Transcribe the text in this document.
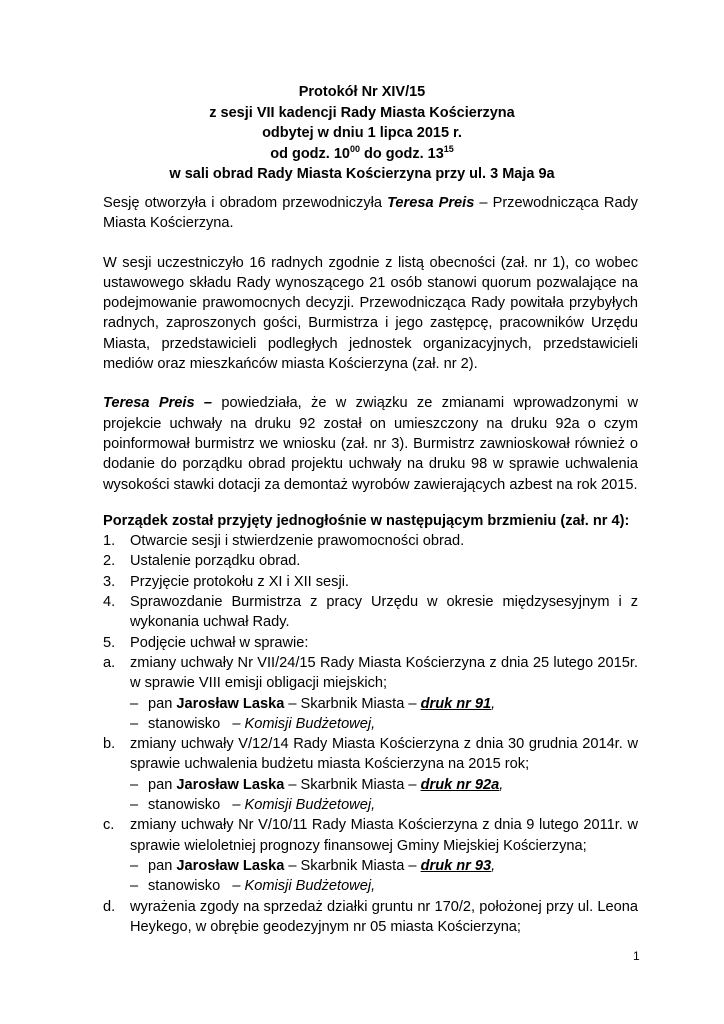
Protokół Nr XIV/15
z sesji VII kadencji Rady Miasta Kościerzyna
odbytej w dniu 1 lipca 2015 r.
od godz. $10^{00}$ do godz. $13^{15}$
w sali obrad Rady Miasta Kościerzyna przy ul. 3 Maja 9a

Sesję otworzyła i obradom przewodniczyła Teresa Preis – Przewodnicząca Rady Miasta Kościerzyna.

W sesji uczestniczyło 16 radnych zgodnie z listą obecności (zał. nr 1), co wobec ustawowego składu Rady wynoszącego 21 osób stanowi quorum pozwalające na podejmowanie prawomocnych decyzji. Przewodnicząca Rady powitała przybyłych radnych, zaproszonych gości, Burmistrza i jego zastępcę, pracowników Urzędu Miasta, przedstawicieli podległych jednostek organizacyjnych, przedstawicieli mediów oraz mieszkańców miasta Kościerzyna (zał. nr 2).

Teresa Preis – powiedziała, że w związku ze zmianami wprowadzonymi w projekcie uchwały na druku 92 został on umieszczony na druku 92a o czym poinformował burmistrz we wniosku (zał. nr 3). Burmistrz zawnioskował również o dodanie do porządku obrad projektu uchwały na druku 98 w sprawie uchwalenia wysokości stawki dotacji za demontaż wyrobów zawierających azbest na rok 2015.

Porządek został przyjęty jednogłośnie w następującym brzmieniu (zał. nr 4):
1.	Otwarcie sesji i stwierdzenie prawomocności obrad.
2.	Ustalenie porządku obrad.
3.	Przyjęcie protokołu z XI i XII sesji.
4.	Sprawozdanie Burmistrza z pracy Urzędu w okresie międzysesyjnym i z wykonania uchwał Rady.
5.	Podjęcie uchwał w sprawie:
a.	zmiany uchwały Nr VII/24/15 Rady Miasta Kościerzyna z dnia 25 lutego 2015r. w sprawie VIII emisji obligacji miejskich;
– pan Jarosław Laska – Skarbnik Miasta – druk nr 91,
– stanowisko – Komisji Budżetowej,
b.	zmiany uchwały V/12/14 Rady Miasta Kościerzyna z dnia 30 grudnia 2014r. w sprawie uchwalenia budżetu miasta Kościerzyna na 2015 rok;
– pan Jarosław Laska – Skarbnik Miasta – druk nr 92a,
– stanowisko – Komisji Budżetowej,
c.	zmiany uchwały Nr V/10/11 Rady Miasta Kościerzyna z dnia 9 lutego 2011r. w sprawie wieloletniej prognozy finansowej Gminy Miejskiej Kościerzyna;
– pan Jarosław Laska – Skarbnik Miasta – druk nr 93,
– stanowisko – Komisji Budżetowej,
d.	wyrażenia zgody na sprzedaż działki gruntu nr 170/2, położonej przy ul. Leona Heykego, w obrębie geodezyjnym nr 05 miasta Kościerzyna;
1
